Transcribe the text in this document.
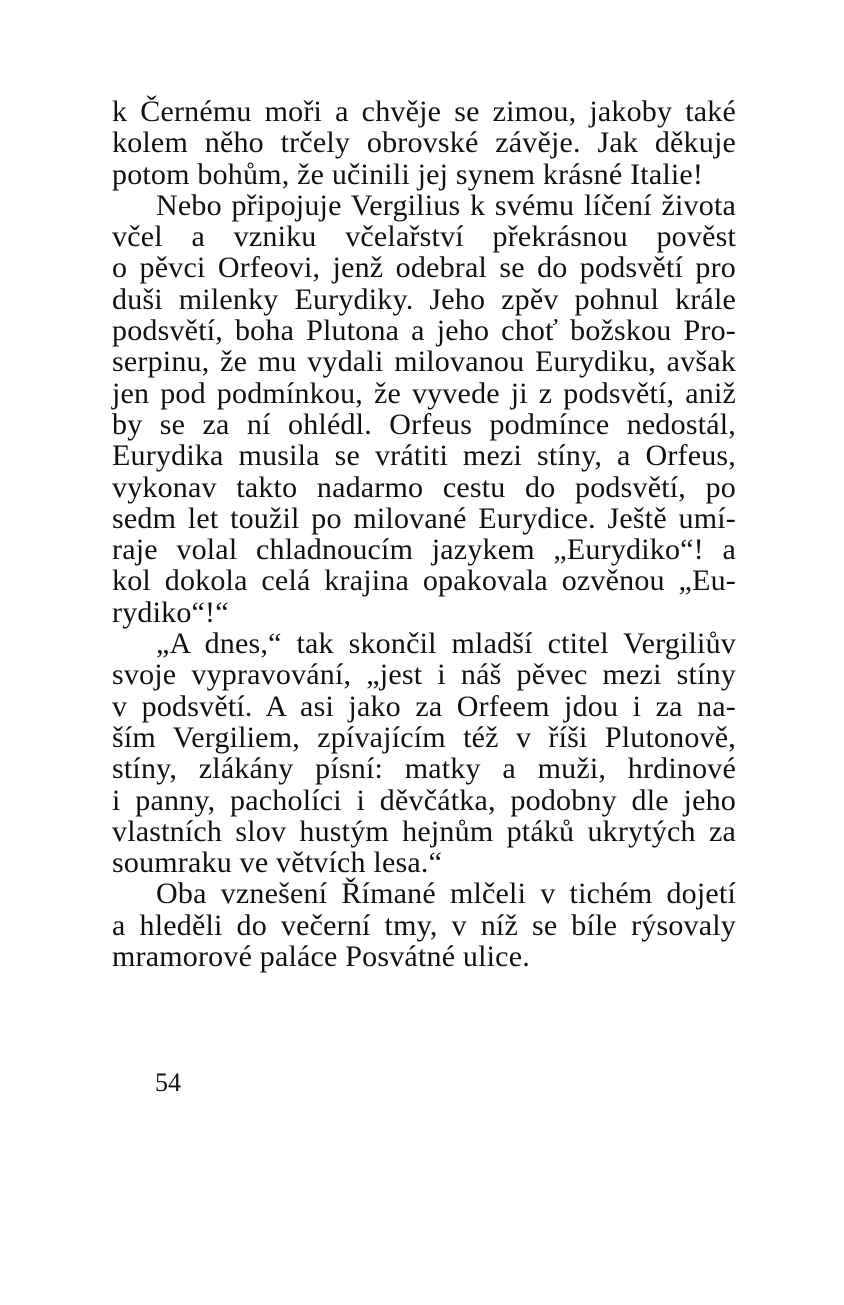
k Černému moři a chvěje se zimou, jakoby také
kolem něho trčely obrovské závěje. Jak děkuje
potom bohům, že učinili jej synem krásné Italie!
Nebo připojuje Vergilius k svému líčení života
včel a vzniku včelařství překrásnou pověst
o pěvci Orfeovi, jenž odebral se do podsvětí pro
duši milenky Eurydiky. Jeho zpěv pohnul krále
podsvětí, boha Plutona a jeho choť božskou Pro-
serpinu, že mu vydali milovanou Eurydiku, avšak
jen pod podmínkou, že vyvede ji z podsvětí, aniž
by se za ní ohlédl. Orfeus podmínce nedostál,
Eurydika musila se vrátiti mezi stíny, a Orfeus,
vykonav takto nadarmo cestu do podsvětí, po
sedm let toužil po milované Eurydice. Ještě umí-
raje volal chladnoucím jazykem „Eurydiko“! a
kol dokola celá krajina opakovala ozvěnou „Eu-
rydiko“!“
„A dnes,“ tak skončil mladší ctitel Vergiliův
svoje vypravování, „jest i náš pěvec mezi stíny
v podsvětí. A asi jako za Orfeem jdou i za na-
ším Vergiliem, zpívajícím též v říši Plutonově,
stíny, zlákány písní: matky a muži, hrdinové
i panny, pacholíci i děvčátka, podobny dle jeho
vlastních slov hustým hejnům ptáků ukrytých za
soumraku ve větvích lesa.“
Oba vznešení Římané mlčeli v tichém dojetí
a hleděli do večerní tmy, v níž se bíle rýsovaly
mramorové paláce Posvátné ulice.
54
